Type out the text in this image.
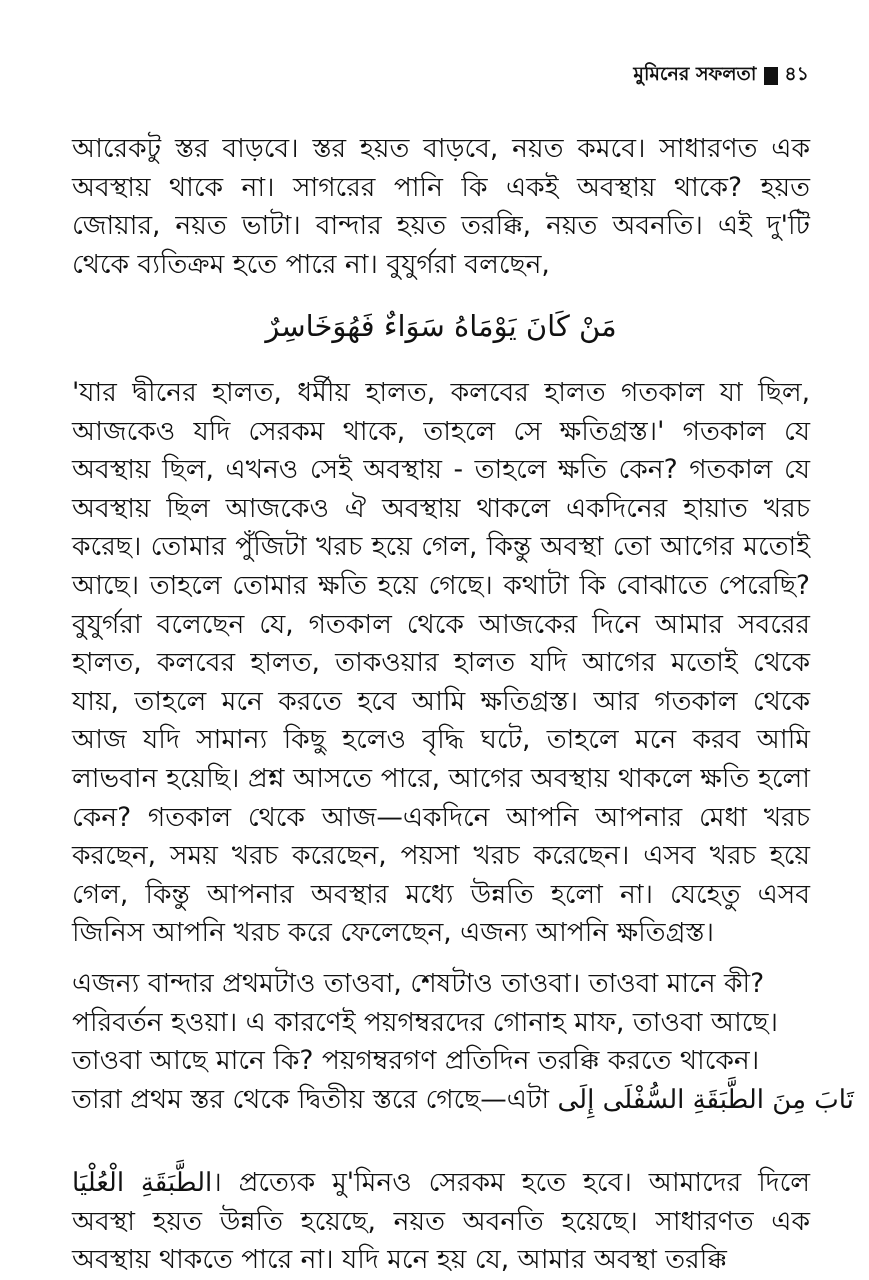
মুমিনের সফলতা ৪১

আরেকটু স্তর বাড়বে। স্তর হয়ত বাড়বে, নয়ত কমবে। সাধারণত এক অবস্থায় থাকে না। সাগরের পানি কি একই অবস্থায় থাকে? হয়ত জোয়ার, নয়ত ভাটা। বান্দার হয়ত তরক্কি, নয়ত অবনতি। এই দু'টি থেকে ব্যতিক্রম হতে পারে না। বুযুর্গরা বলছেন,

مَنْ كَانَ يَوْمَاهُ سَوَاءٌ فَهُوَخَاسِرٌ

'যার দ্বীনের হালত, ধর্মীয় হালত, কলবের হালত গতকাল যা ছিল, আজকেও যদি সেরকম থাকে, তাহলে সে ক্ষতিগ্রস্ত।' গতকাল যে অবস্থায় ছিল, এখনও সেই অবস্থায় - তাহলে ক্ষতি কেন? গতকাল যে অবস্থায় ছিল আজকেও ঐ অবস্থায় থাকলে একদিনের হায়াত খরচ করেছ। তোমার পুঁজিটা খরচ হয়ে গেল, কিন্তু অবস্থা তো আগের মতোই আছে। তাহলে তোমার ক্ষতি হয়ে গেছে। কথাটা কি বোঝাতে পেরেছি? বুযুর্গরা বলেছেন যে, গতকাল থেকে আজকের দিনে আমার সবরের হালত, কলবের হালত, তাকওয়ার হালত যদি আগের মতোই থেকে যায়, তাহলে মনে করতে হবে আমি ক্ষতিগ্রস্ত। আর গতকাল থেকে আজ যদি সামান্য কিছু হলেও বৃদ্ধি ঘটে, তাহলে মনে করব আমি লাভবান হয়েছি। প্রশ্ন আসতে পারে, আগের অবস্থায় থাকলে ক্ষতি হলো কেন? গতকাল থেকে আজ—একদিনে আপনি আপনার মেধা খরচ করছেন, সময় খরচ করেছেন, পয়সা খরচ করেছেন। এসব খরচ হয়ে গেল, কিন্তু আপনার অবস্থার মধ্যে উন্নতি হলো না। যেহেতু এসব জিনিস আপনি খরচ করে ফেলেছেন, এজন্য আপনি ক্ষতিগ্রস্ত।

এজন্য বান্দার প্রথমটাও তাওবা, শেষটাও তাওবা। তাওবা মানে কী?
পরিবর্তন হওয়া। এ কারণেই পয়গম্বরদের গোনাহ মাফ, তাওবা আছে।
তাওবা আছে মানে কি? পয়গম্বরগণ প্রতিদিন তরক্কি করতে থাকেন।
তারা প্রথম স্তর থেকে দ্বিতীয় স্তরে গেছে—এটা تَابَ مِنَ الطَّبَقَةِ السُّفْلَى إِلَى

الطَّبَقَةِ الْعُلْيَا। প্রত্যেক মু'মিনও সেরকম হতে হবে। আমাদের দিলে অবস্থা হয়ত উন্নতি হয়েছে, নয়ত অবনতি হয়েছে। সাধারণত এক অবস্থায় থাকতে পারে না। যদি মনে হয় যে, আমার অবস্থা তরক্কি
